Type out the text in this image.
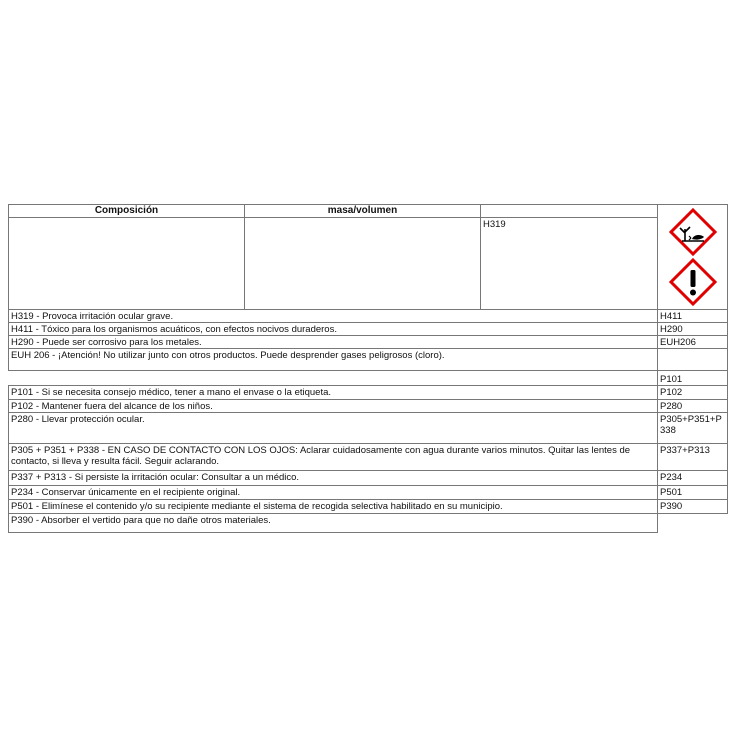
Composición	masa/volumen
H319
H319 - Provoca irritación ocular grave.
H411 - Tóxico para los organismos acuáticos, con efectos nocivos duraderos.
H290 - Puede ser corrosivo para los metales.
EUH 206 - ¡Atención! No utilizar junto con otros productos. Puede desprender gases peligrosos (cloro).
P101 - Si se necesita consejo médico, tener a mano el envase o la etiqueta.
P102 - Mantener fuera del alcance de los niños.
P280 - Llevar protección ocular.
P305 + P351 + P338 - EN CASO DE CONTACTO CON LOS OJOS: Aclarar cuidadosamente con agua durante varios minutos. Quitar las lentes de contacto, si lleva y resulta fácil. Seguir aclarando.
P337 + P313 - Si persiste la irritación ocular: Consultar a un médico.
P234 - Conservar únicamente en el recipiente original.
P501 - Elimínese el contenido y/o su recipiente mediante el sistema de recogida selectiva habilitado en su municipio.
P390 - Absorber el vertido para que no dañe otros materiales.
H411
H290
EUH206
P101
P102
P280
P305+P351+P338
P337+P313
P234
P501
P390
